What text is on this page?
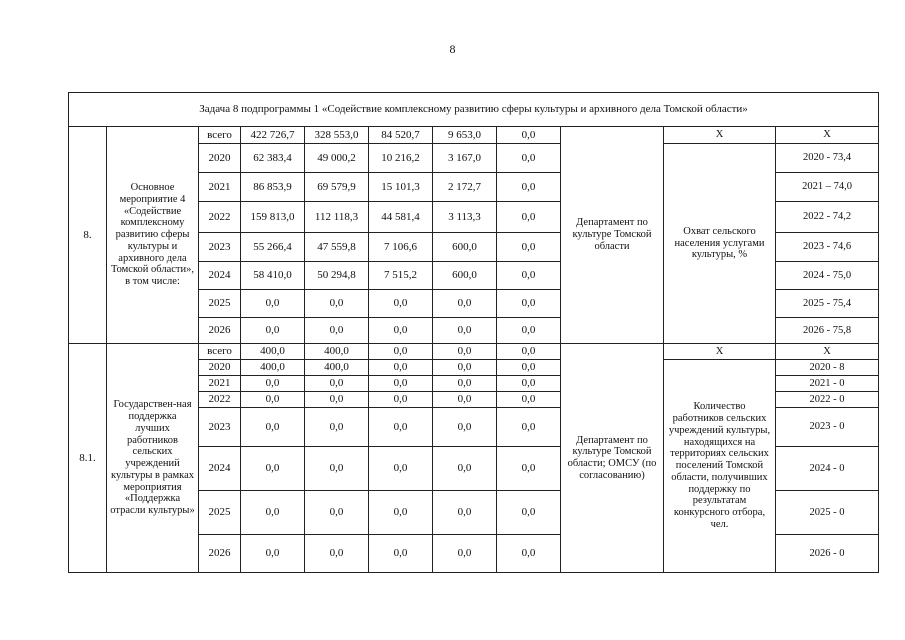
8
Задача 8 подпрограммы 1 «Содействие комплексному развитию сферы культуры и архивного дела Томской области»										
8.	Основное мероприятие 4 «Содействие комплексному развитию сферы культуры и архивного дела Томской области», в том числе:	всего	422 726,7	328 553,0	84 520,7	9 653,0	0,0	Департамент по культуре Томской области	Х	Х
		2020	62 383,4	49 000,2	10 216,2	3 167,0	0,0		Охват сельского населения услугами культуры, %	2020 - 73,4
		2021	86 853,9	69 579,9	15 101,3	2 172,7	0,0			2021 – 74,0
		2022	159 813,0	112 118,3	44 581,4	3 113,3	0,0			2022 - 74,2
		2023	55 266,4	47 559,8	7 106,6	600,0	0,0			2023 - 74,6
		2024	58 410,0	50 294,8	7 515,2	600,0	0,0			2024 - 75,0
		2025	0,0	0,0	0,0	0,0	0,0			2025 - 75,4
		2026	0,0	0,0	0,0	0,0	0,0			2026 - 75,8
8.1.	Государствен-ная поддержка лучших работников сельских учреждений культуры в рамках мероприятия «Поддержка отрасли культуры»	всего	400,0	400,0	0,0	0,0	0,0	Департамент по культуре Томской области; ОМСУ (по согласованию)	Х	Х
		2020	400,0	400,0	0,0	0,0	0,0		Количество работников сельских учреждений культуры, находящихся на территориях сельских поселений Томской области, получивших поддержку по результатам конкурсного отбора, чел.	2020 - 8
		2021	0,0	0,0	0,0	0,0	0,0			2021 - 0
		2022	0,0	0,0	0,0	0,0	0,0			2022 - 0
		2023	0,0	0,0	0,0	0,0	0,0			2023 - 0
		2024	0,0	0,0	0,0	0,0	0,0			2024 - 0
		2025	0,0	0,0	0,0	0,0	0,0			2025 - 0
		2026	0,0	0,0	0,0	0,0	0,0			2026 - 0
